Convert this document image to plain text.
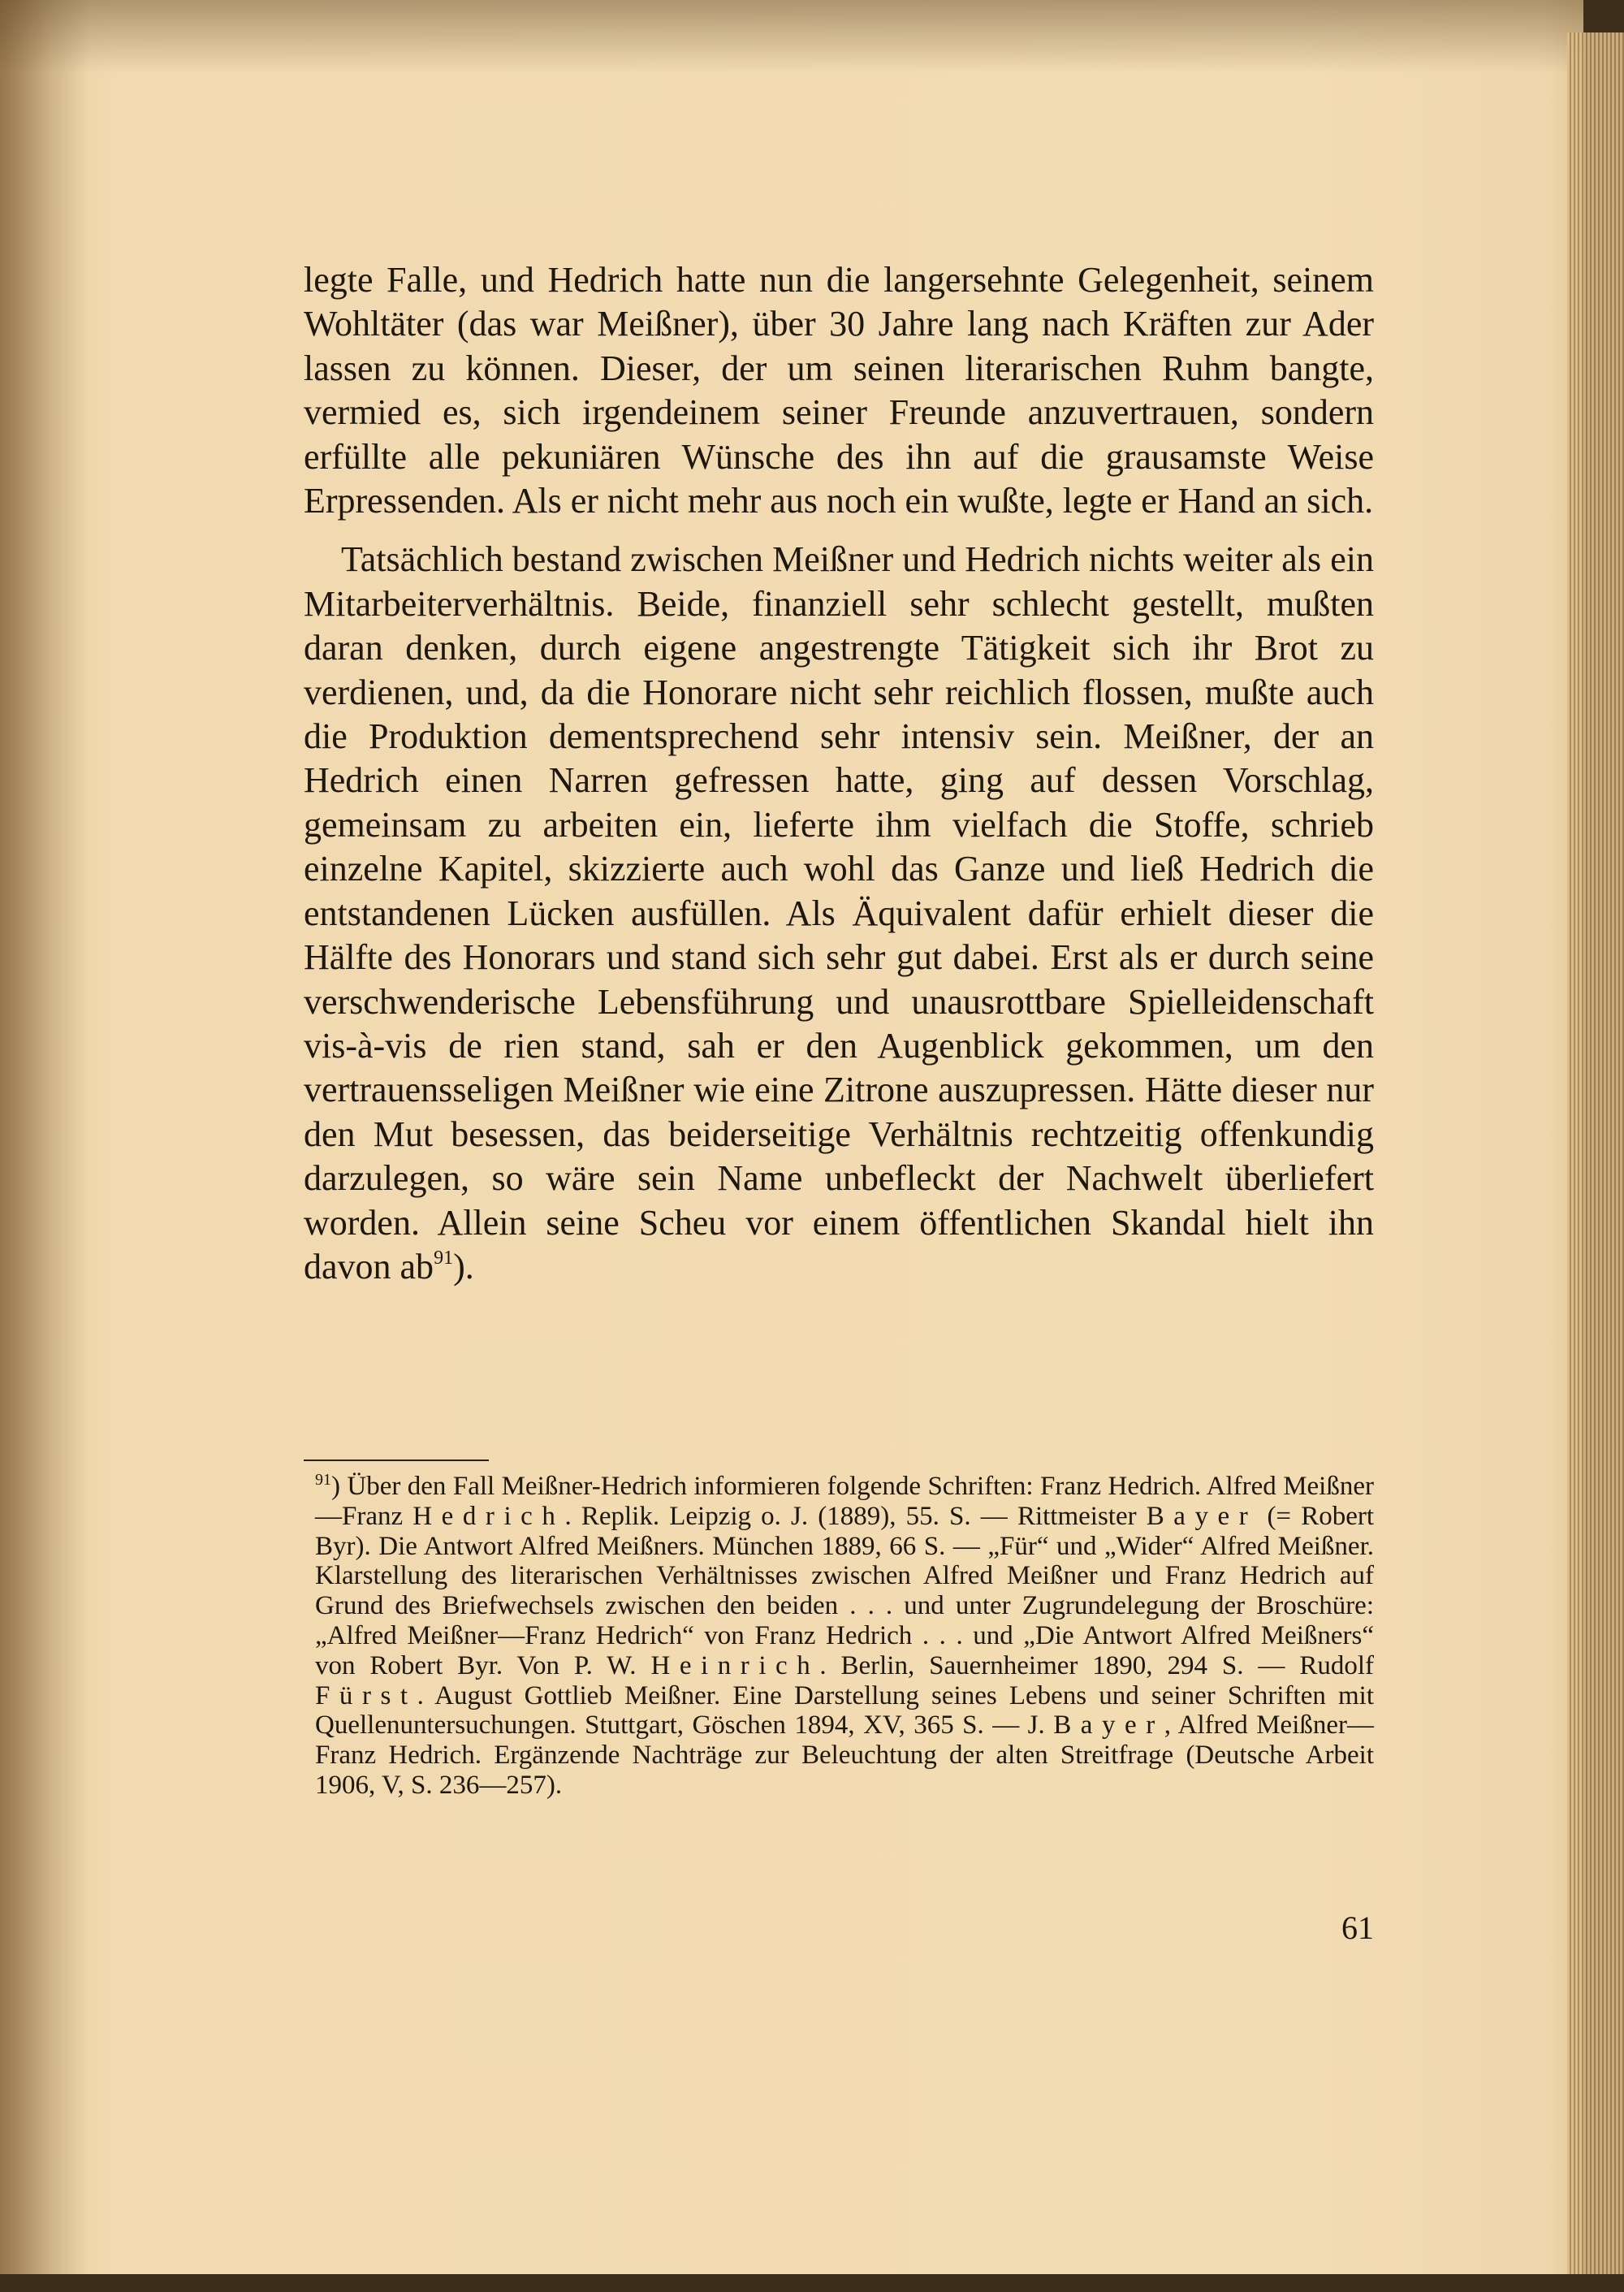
legte Falle, und Hedrich hatte nun die langersehnte Gelegenheit, seinem Wohltäter (das war Meißner), über 30 Jahre lang nach Kräften zur Ader lassen zu können. Dieser, der um seinen literarischen Ruhm bangte, vermied es, sich irgendeinem seiner Freunde anzuvertrauen, sondern erfüllte alle pekuniären Wünsche des ihn auf die grausamste Weise Erpressenden. Als er nicht mehr aus noch ein wußte, legte er Hand an sich.

Tatsächlich bestand zwischen Meißner und Hedrich nichts weiter als ein Mitarbeiterverhältnis. Beide, finanziell sehr schlecht gestellt, mußten daran denken, durch eigene angestrengte Tätigkeit sich ihr Brot zu verdienen, und, da die Honorare nicht sehr reichlich flossen, mußte auch die Produktion dementsprechend sehr intensiv sein. Meißner, der an Hedrich einen Narren gefressen hatte, ging auf dessen Vorschlag, gemeinsam zu arbeiten ein, lieferte ihm vielfach die Stoffe, schrieb einzelne Kapitel, skizzierte auch wohl das Ganze und ließ Hedrich die entstandenen Lücken ausfüllen. Als Äquivalent dafür erhielt dieser die Hälfte des Honorars und stand sich sehr gut dabei. Erst als er durch seine verschwenderische Lebensführung und unausrottbare Spielleidenschaft vis-à-vis de rien stand, sah er den Augenblick gekommen, um den vertrauensseligen Meißner wie eine Zitrone auszupressen. Hätte dieser nur den Mut besessen, das beiderseitige Verhältnis rechtzeitig offenkundig darzulegen, so wäre sein Name unbefleckt der Nachwelt überliefert worden. Allein seine Scheu vor einem öffentlichen Skandal hielt ihn davon ab$^{91}$).

$^{91}$) Über den Fall Meißner-Hedrich informieren folgende Schriften: Franz Hedrich. Alfred Meißner—Franz Hedrich. Replik. Leipzig o. J. (1889), 55. S. — Rittmeister Bayer (= Robert Byr). Die Antwort Alfred Meißners. München 1889, 66 S. — „Für“ und „Wider“ Alfred Meißner. Klarstellung des literarischen Verhältnisses zwischen Alfred Meißner und Franz Hedrich auf Grund des Briefwechsels zwischen den beiden . . . und unter Zugrundelegung der Broschüre: „Alfred Meißner—Franz Hedrich“ von Franz Hedrich . . . und „Die Antwort Alfred Meißners“ von Robert Byr. Von P. W. Heinrich. Berlin, Sauernheimer 1890, 294 S. — Rudolf Fürst. August Gottlieb Meißner. Eine Darstellung seines Lebens und seiner Schriften mit Quellenuntersuchungen. Stuttgart, Göschen 1894, XV, 365 S. — J. Bayer, Alfred Meißner—Franz Hedrich. Ergänzende Nachträge zur Beleuchtung der alten Streitfrage (Deutsche Arbeit 1906, V, S. 236—257).
61
